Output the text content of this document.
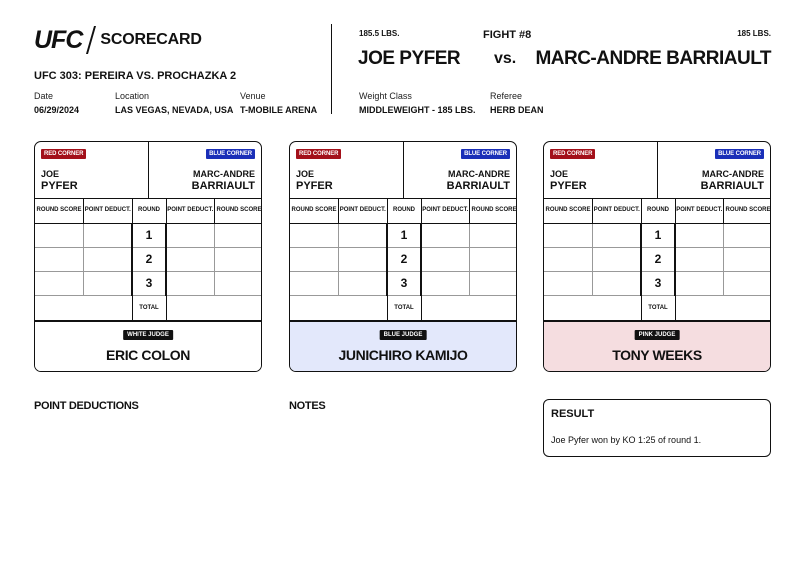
UFC SCORECARD
UFC 303: PEREIRA VS. PROCHAZKA 2
Date
06/29/2024
Location
LAS VEGAS, NEVADA, USA
Venue
T-MOBILE ARENA
185.5 LBS.	FIGHT #8	185 LBS.
JOE PYFER vs. MARC-ANDRE BARRIAULT
Weight Class
MIDDLEWEIGHT - 185 LBS.
Referee
HERB DEAN
RED CORNER	BLUE CORNER
JOE
PYFER
MARC-ANDRE
BARRIAULT
ROUND SCORE	POINT DEDUCT.	ROUND	POINT DEDUCT.	ROUND SCORE
		1		
		2		
		3		
		TOTAL		
WHITE JUDGE
ERIC COLON
RED CORNER	BLUE CORNER
JOE
PYFER
MARC-ANDRE
BARRIAULT
ROUND SCORE	POINT DEDUCT.	ROUND	POINT DEDUCT.	ROUND SCORE
		1		
		2		
		3		
		TOTAL		
BLUE JUDGE
JUNICHIRO KAMIJO
RED CORNER	BLUE CORNER
JOE
PYFER
MARC-ANDRE
BARRIAULT
ROUND SCORE	POINT DEDUCT.	ROUND	POINT DEDUCT.	ROUND SCORE
		1		
		2		
		3		
		TOTAL		
PINK JUDGE
TONY WEEKS
POINT DEDUCTIONS	NOTES
RESULT
Joe Pyfer won by KO 1:25 of round 1.
